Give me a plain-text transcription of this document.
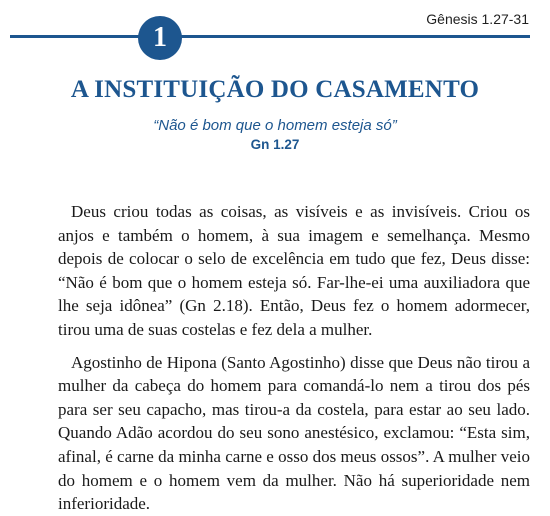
Gênesis 1.27-31
1
A INSTITUIÇÃO DO CASAMENTO
“Não é bom que o homem esteja só”
Gn 1.27

Deus criou todas as coisas, as visíveis e as invisíveis. Criou os anjos e também o homem, à sua imagem e semelhança. Mesmo depois de colocar o selo de excelência em tudo que fez, Deus disse: “Não é bom que o homem esteja só. Far-lhe-ei uma auxiliadora que lhe seja idônea” (Gn 2.18). Então, Deus fez o homem adormecer, tirou uma de suas costelas e fez dela a mulher.

Agostinho de Hipona (Santo Agostinho) disse que Deus não tirou a mulher da cabeça do homem para comandá-lo nem a tirou dos pés para ser seu capacho, mas tirou-a da costela, para estar ao seu lado. Quando Adão acordou do seu sono anestésico, exclamou: “Esta sim, afinal, é carne da minha carne e osso dos meus ossos”. A mulher veio do homem e o homem vem da mulher. Não há superioridade nem inferioridade.
